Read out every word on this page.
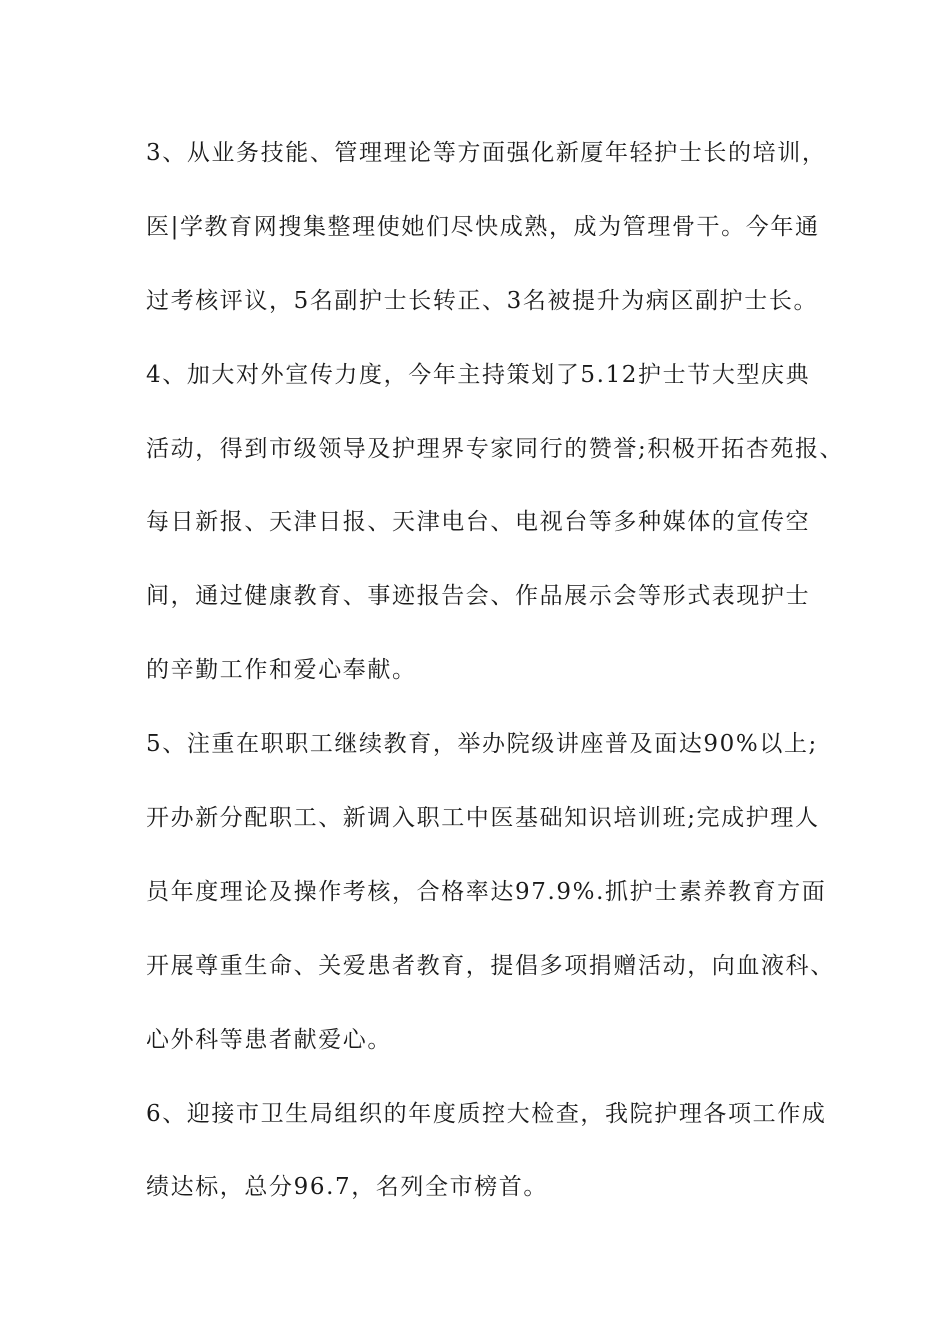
3、从业务技能、管理理论等方面强化新厦年轻护士长的培训，
医|学教育网搜集整理使她们尽快成熟，成为管理骨干。今年通
过考核评议，5名副护士长转正、3名被提升为病区副护士长。
4、加大对外宣传力度，今年主持策划了5.12护士节大型庆典
活动，得到市级领导及护理界专家同行的赞誉;积极开拓杏苑报、
每日新报、天津日报、天津电台、电视台等多种媒体的宣传空
间，通过健康教育、事迹报告会、作品展示会等形式表现护士
的辛勤工作和爱心奉献。
5、注重在职职工继续教育，举办院级讲座普及面达90%以上;
开办新分配职工、新调入职工中医基础知识培训班;完成护理人
员年度理论及操作考核，合格率达97.9%.抓护士素养教育方面
开展尊重生命、关爱患者教育，提倡多项捐赠活动，向血液科、
心外科等患者献爱心。
6、迎接市卫生局组织的年度质控大检查，我院护理各项工作成
绩达标，总分96.7，名列全市榜首。
